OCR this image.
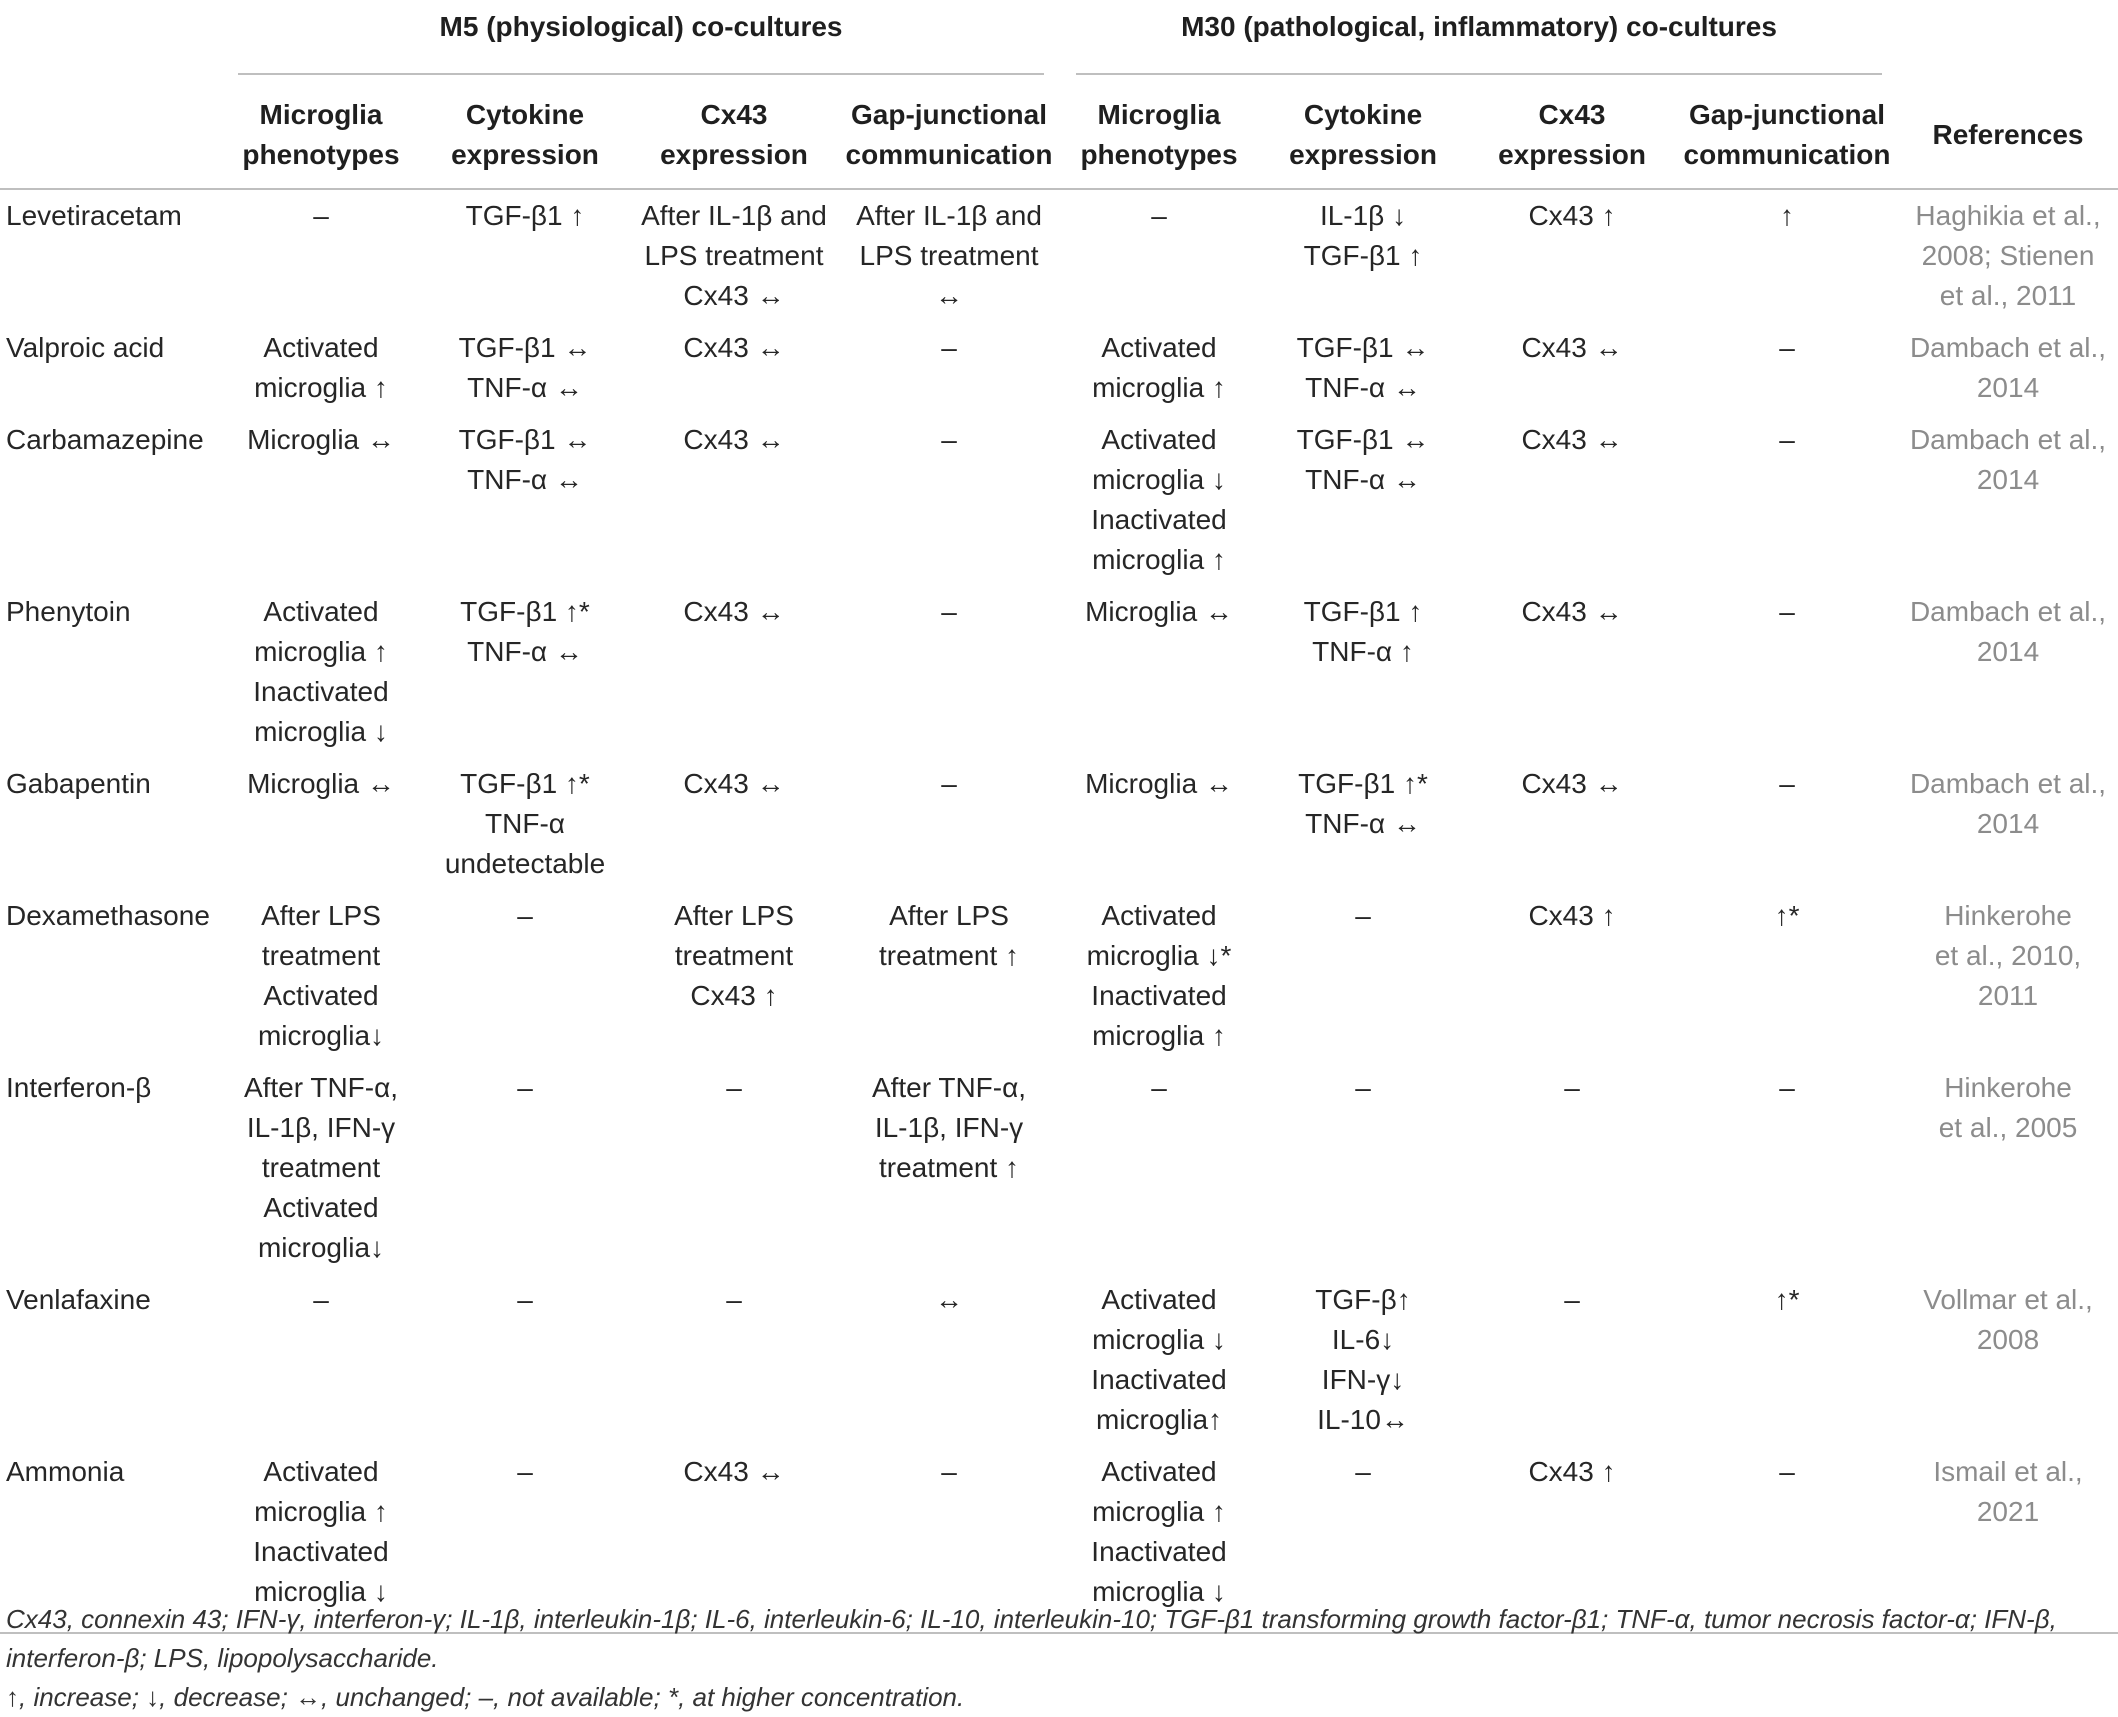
	M5 (physiological) co-cultures				M30 (pathological, inflammatory) co-cultures				

	Microglia
phenotypes	Cytokine
expression	Cx43
expression	Gap-junctional
communication	Microglia
phenotypes	Cytokine
expression	Cx43
expression	Gap-junctional
communication	References
Levetiracetam	–	TGF-β1 ↑	After IL-1β and
LPS treatment
Cx43 ↔	After IL-1β and
LPS treatment
↔	–	IL-1β ↓
TGF-β1 ↑	Cx43 ↑	↑	Haghikia et al.,
2008; Stienen
et al., 2011

Valproic acid	Activated
microglia ↑	TGF-β1 ↔
TNF-α ↔	Cx43 ↔	–	Activated
microglia ↑	TGF-β1 ↔
TNF-α ↔	Cx43 ↔	–	Dambach et al.,
2014

Carbamazepine	Microglia ↔	TGF-β1 ↔
TNF-α ↔	Cx43 ↔	–	Activated
microglia ↓
Inactivated
microglia ↑	TGF-β1 ↔
TNF-α ↔	Cx43 ↔	–	Dambach et al.,
2014

Phenytoin	Activated
microglia ↑
Inactivated
microglia ↓	TGF-β1 ↑*
TNF-α ↔	Cx43 ↔	–	Microglia ↔	TGF-β1 ↑
TNF-α ↑	Cx43 ↔	–	Dambach et al.,
2014

Gabapentin	Microglia ↔	TGF-β1 ↑*
TNF-α
undetectable	Cx43 ↔	–	Microglia ↔	TGF-β1 ↑*
TNF-α ↔	Cx43 ↔	–	Dambach et al.,
2014

Dexamethasone	After LPS
treatment
Activated
microglia↓	–	After LPS
treatment
Cx43 ↑	After LPS
treatment ↑	Activated
microglia ↓*
Inactivated
microglia ↑	–	Cx43 ↑	↑*	Hinkerohe
et al., 2010,
2011

Interferon-β	After TNF-α,
IL-1β, IFN-γ
treatment
Activated
microglia↓	–	–	After TNF-α,
IL-1β, IFN-γ
treatment ↑	–	–	–	–	Hinkerohe
et al., 2005

Venlafaxine	–	–	–	↔	Activated
microglia ↓
Inactivated
microglia↑	TGF-β↑
IL-6↓
IFN-γ↓
IL-10↔	–	↑*	Vollmar et al.,
2008

Ammonia	Activated
microglia ↑
Inactivated
microglia ↓	–	Cx43 ↔	–	Activated
microglia ↑
Inactivated
microglia ↓	–	Cx43 ↑	–	Ismail et al.,
2021

Cx43, connexin 43; IFN-γ, interferon-γ; IL-1β, interleukin-1β; IL-6, interleukin-6; IL-10, interleukin-10; TGF-β1 transforming growth factor-β1; TNF-α, tumor necrosis factor-α; IFN-β, interferon-β; LPS, lipopolysaccharide.

↑, increase; ↓, decrease; ↔, unchanged; –, not available; *, at higher concentration.
